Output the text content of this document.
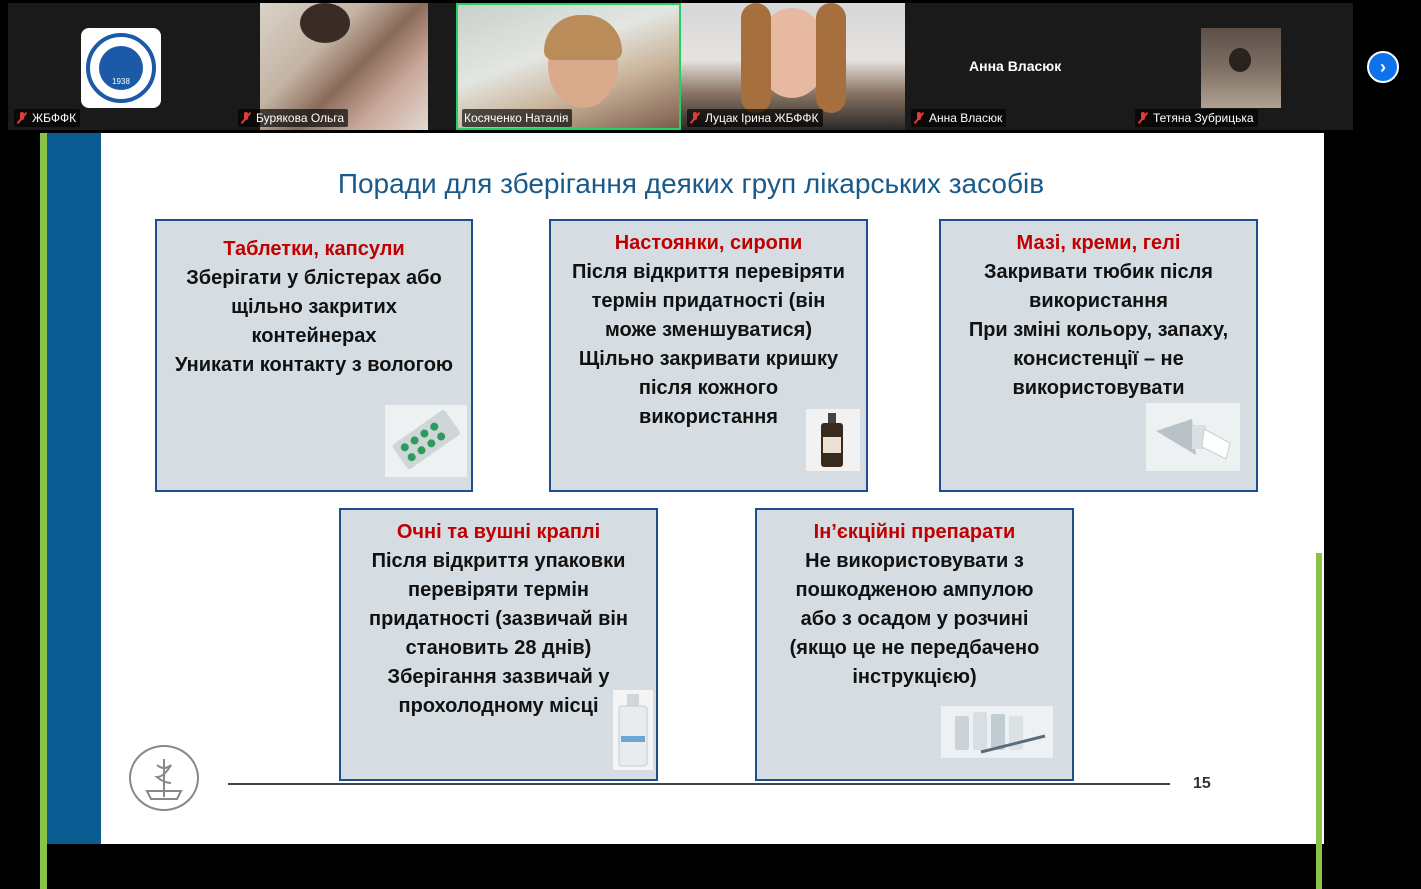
1938
ЖБФФК	Бурякова Ольга	Косяченко Наталія	Луцак Ірина ЖБФФК	Анна Власюк
Анна Власюк
Тетяна Зубрицька
›
Поради для зберігання деяких груп лікарських засобів
Таблетки, капсули
Зберігати у блістерах або
щільно закритих
контейнерах
Уникати контакту з вологою
Настоянки, сиропи
Після відкриття перевіряти
термін придатності (він
може зменшуватися)
Щільно закривати кришку
після кожного
використання
Мазі, креми, гелі
Закривати тюбик після
використання
При зміні кольору, запаху,
консистенції – не
використовувати
Очні та вушні краплі
Після відкриття упаковки
перевіряти термін
придатності (зазвичай він
становить 28 днів)
Зберігання зазвичай у
прохолодному місці
Ін’єкційні препарати
Не використовувати з
пошкодженою ампулою
або з осадом у розчині
(якщо це не передбачено
інструкцією)
15
